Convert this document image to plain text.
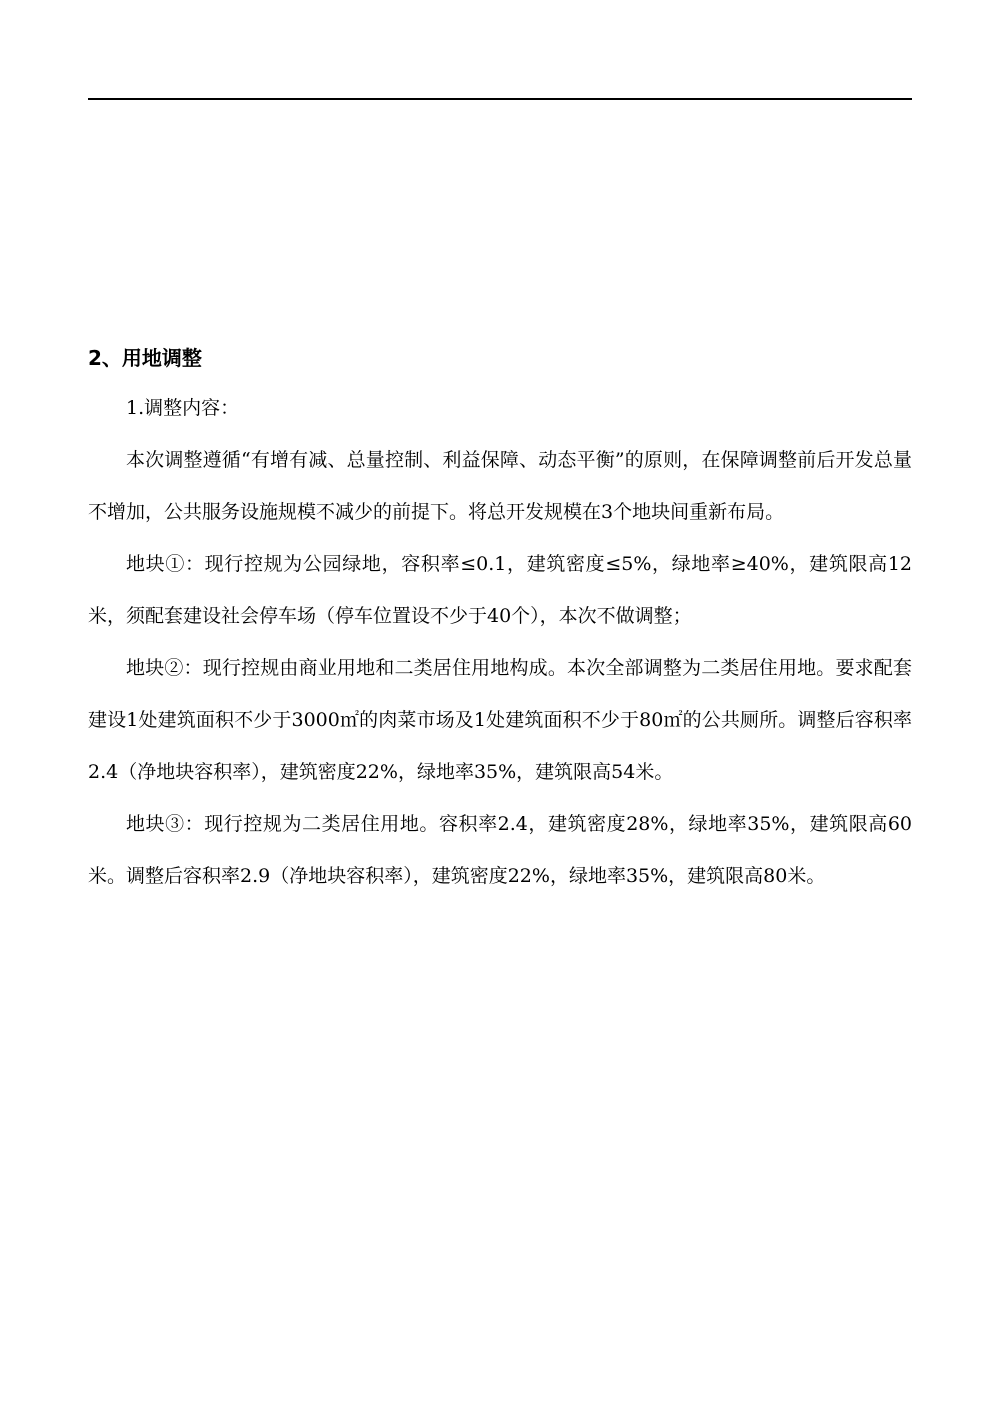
2、用地调整

1.调整内容：

本次调整遵循“有增有减、总量控制、利益保障、动态平衡”的原则，在保障调整前后开发总量不增加，公共服务设施规模不减少的前提下。将总开发规模在3个地块间重新布局。

地块①：现行控规为公园绿地，容积率≤0.1，建筑密度≤5%，绿地率≥40%，建筑限高12米，须配套建设社会停车场（停车位置设不少于40个），本次不做调整；

地块②：现行控规由商业用地和二类居住用地构成。本次全部调整为二类居住用地。要求配套建设1处建筑面积不少于3000㎡的肉菜市场及1处建筑面积不少于80㎡的公共厕所。调整后容积率2.4（净地块容积率），建筑密度22%，绿地率35%，建筑限高54米。

地块③：现行控规为二类居住用地。容积率2.4，建筑密度28%，绿地率35%，建筑限高60米。调整后容积率2.9（净地块容积率），建筑密度22%，绿地率35%，建筑限高80米。
